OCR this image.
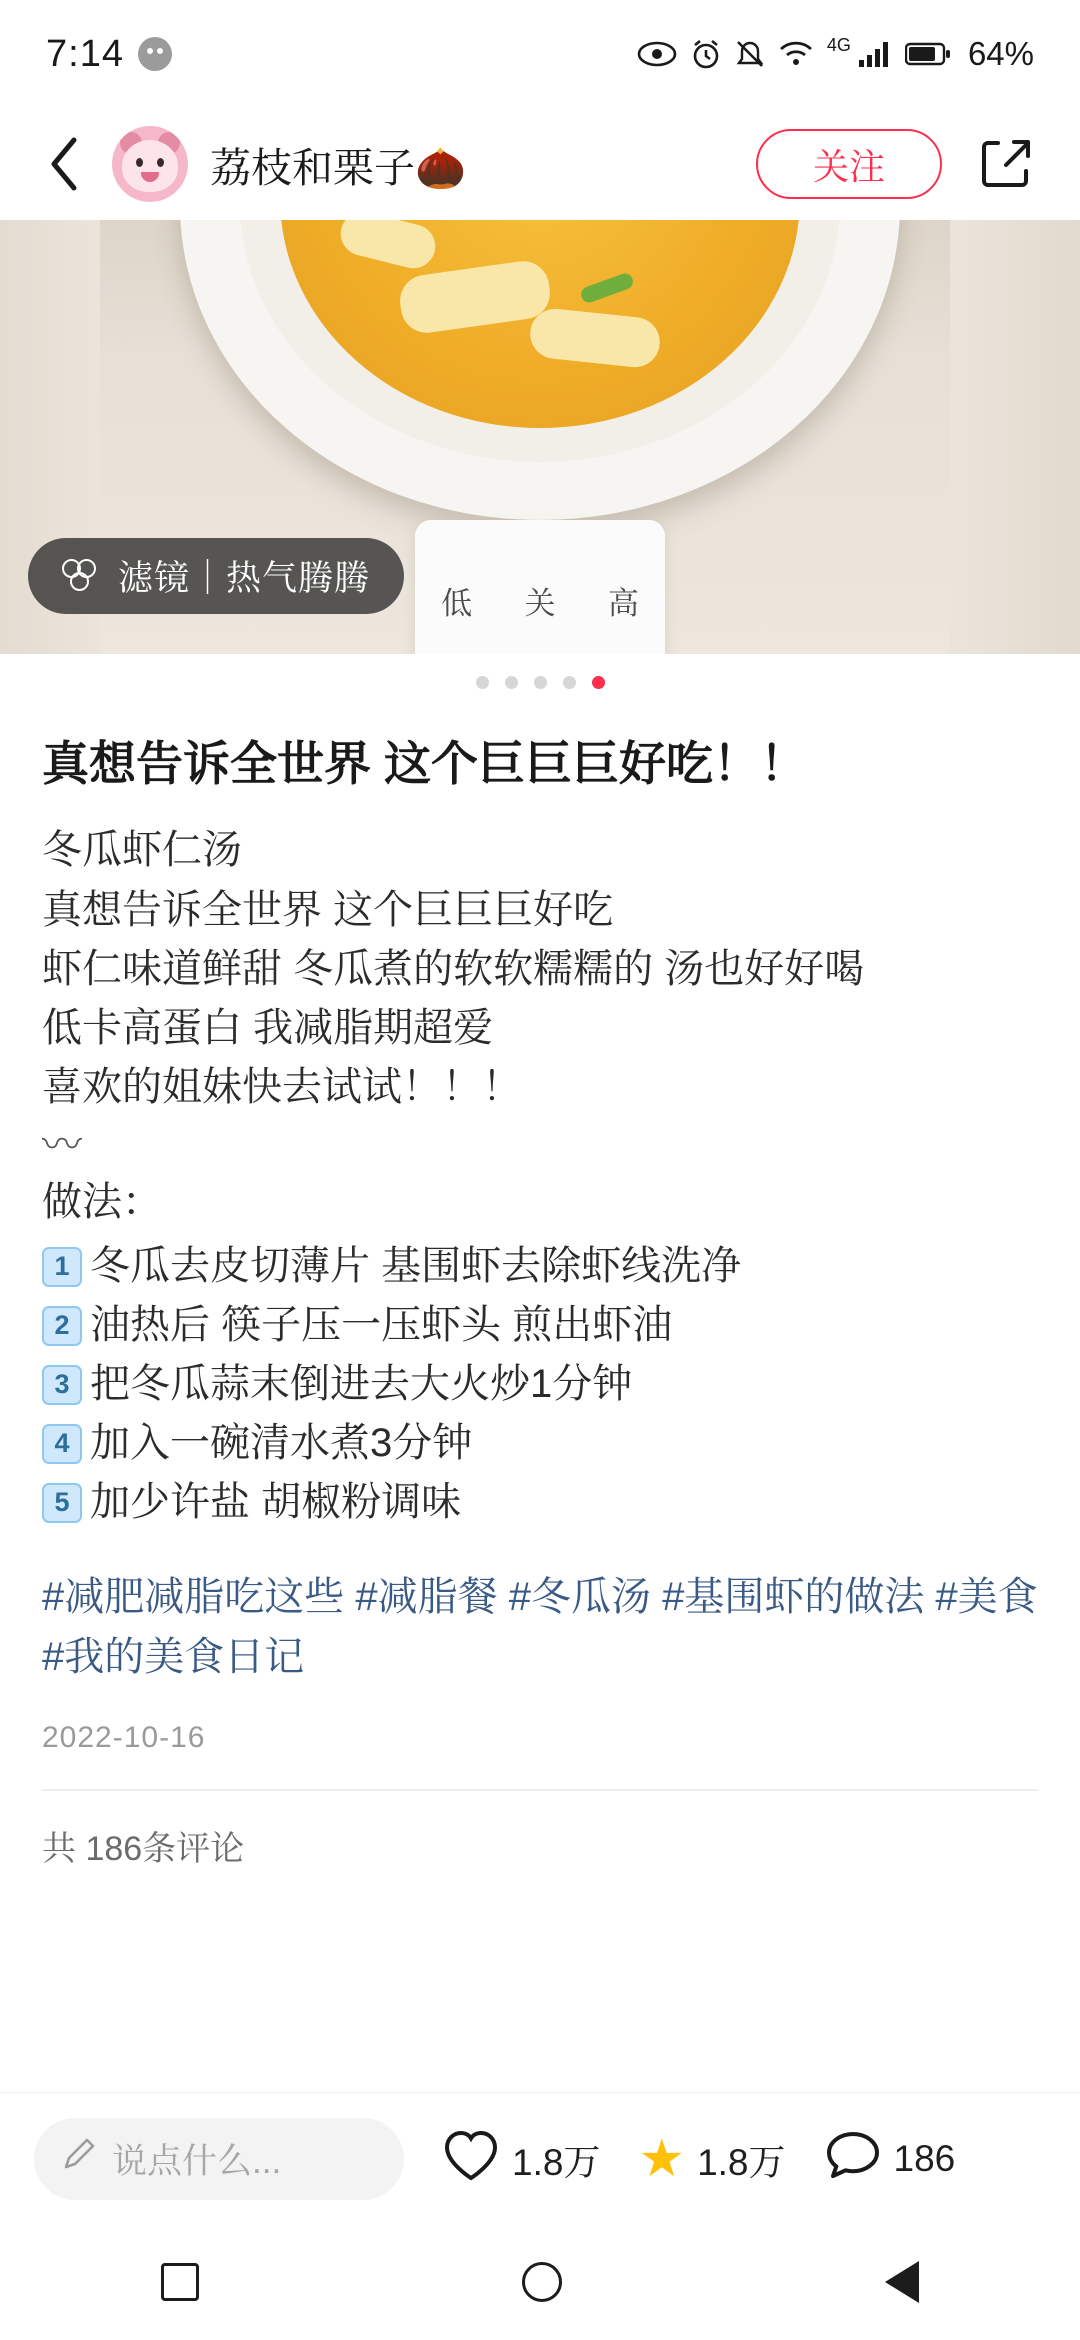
7:14	4G	64%
荔枝和栗子🌰	关注
低 关 高
滤镜｜热气腾腾
真想告诉全世界 这个巨巨巨好吃！！
冬瓜虾仁汤
真想告诉全世界 这个巨巨巨好吃
虾仁味道鲜甜 冬瓜煮的软软糯糯的 汤也好好喝
低卡高蛋白 我减脂期超爱
喜欢的姐妹快去试试！！！
〰
做法：
1 冬瓜去皮切薄片 基围虾去除虾线洗净
2 油热后 筷子压一压虾头 煎出虾油
3 把冬瓜蒜末倒进去大火炒1分钟
4 加入一碗清水煮3分钟
5 加少许盐 胡椒粉调味
#减肥减脂吃这些 #减脂餐 #冬瓜汤 #基围虾的做法 #美食 #我的美食日记
2022-10-16
共 186条评论
说点什么...	1.8万 ★ 1.8万	186
